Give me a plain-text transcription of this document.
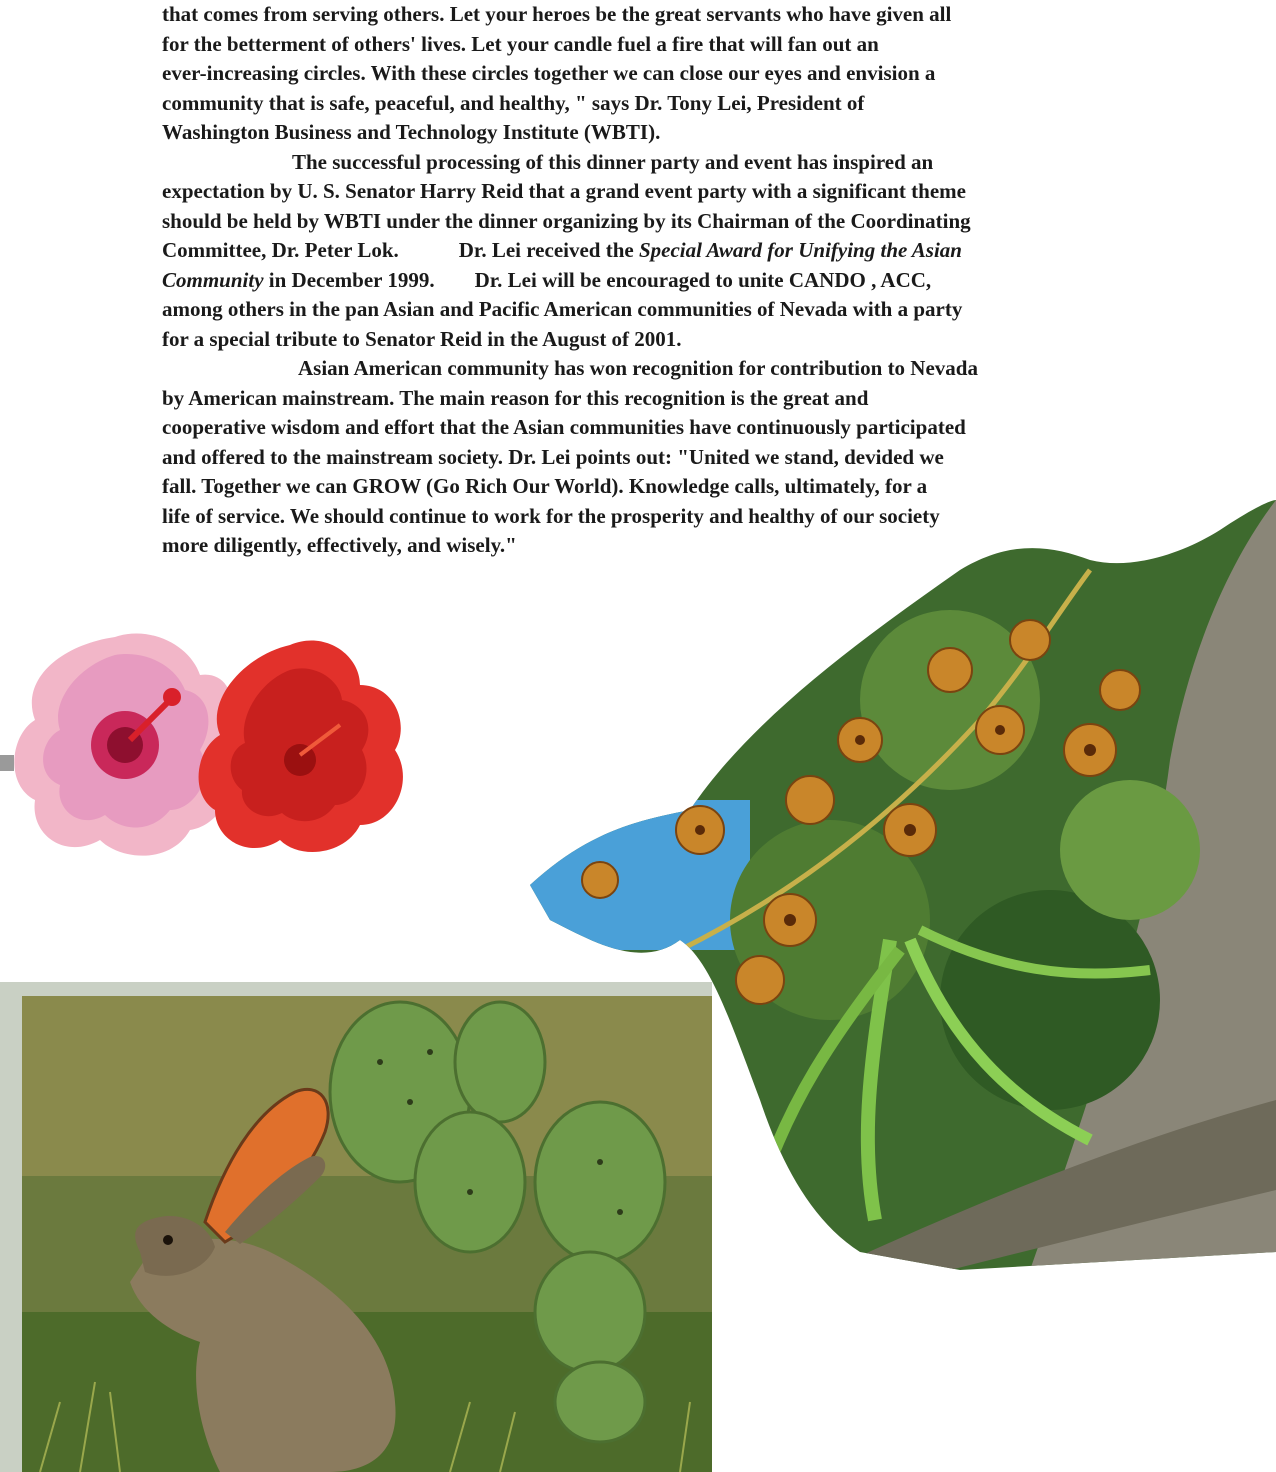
that comes from serving others. Let your heroes be the great servants who have given all
for the betterment of others' lives. Let your candle fuel a fire that will fan out an
ever-increasing circles. With these circles together we can close our eyes and envision a
community that is safe, peaceful, and healthy, " says Dr. Tony Lei, President of
Washington Business and Technology Institute (WBTI).

The successful processing of this dinner party and event has inspired an
expectation by U. S. Senator Harry Reid that a grand event party with a significant theme
should be held by WBTI under the dinner organizing by its Chairman of the Coordinating
Committee, Dr. Peter Lok.	Dr. Lei received the Special Award for Unifying the Asian
Community in December 1999. Dr. Lei will be encouraged to unite CANDO , ACC,
among others in the pan Asian and Pacific American communities of Nevada with a party
for a special tribute to Senator Reid in the August of 2001.

Asian American community has won recognition for contribution to Nevada
by American mainstream. The main reason for this recognition is the great and
cooperative wisdom and effort that the Asian communities have continuously participated
and offered to the mainstream society. Dr. Lei points out: "United we stand, devided we
fall. Together we can GROW (Go Rich Our World). Knowledge calls, ultimately, for a
life of service. We should continue to work for the prosperity and healthy of our society
more diligently, effectively, and wisely."
